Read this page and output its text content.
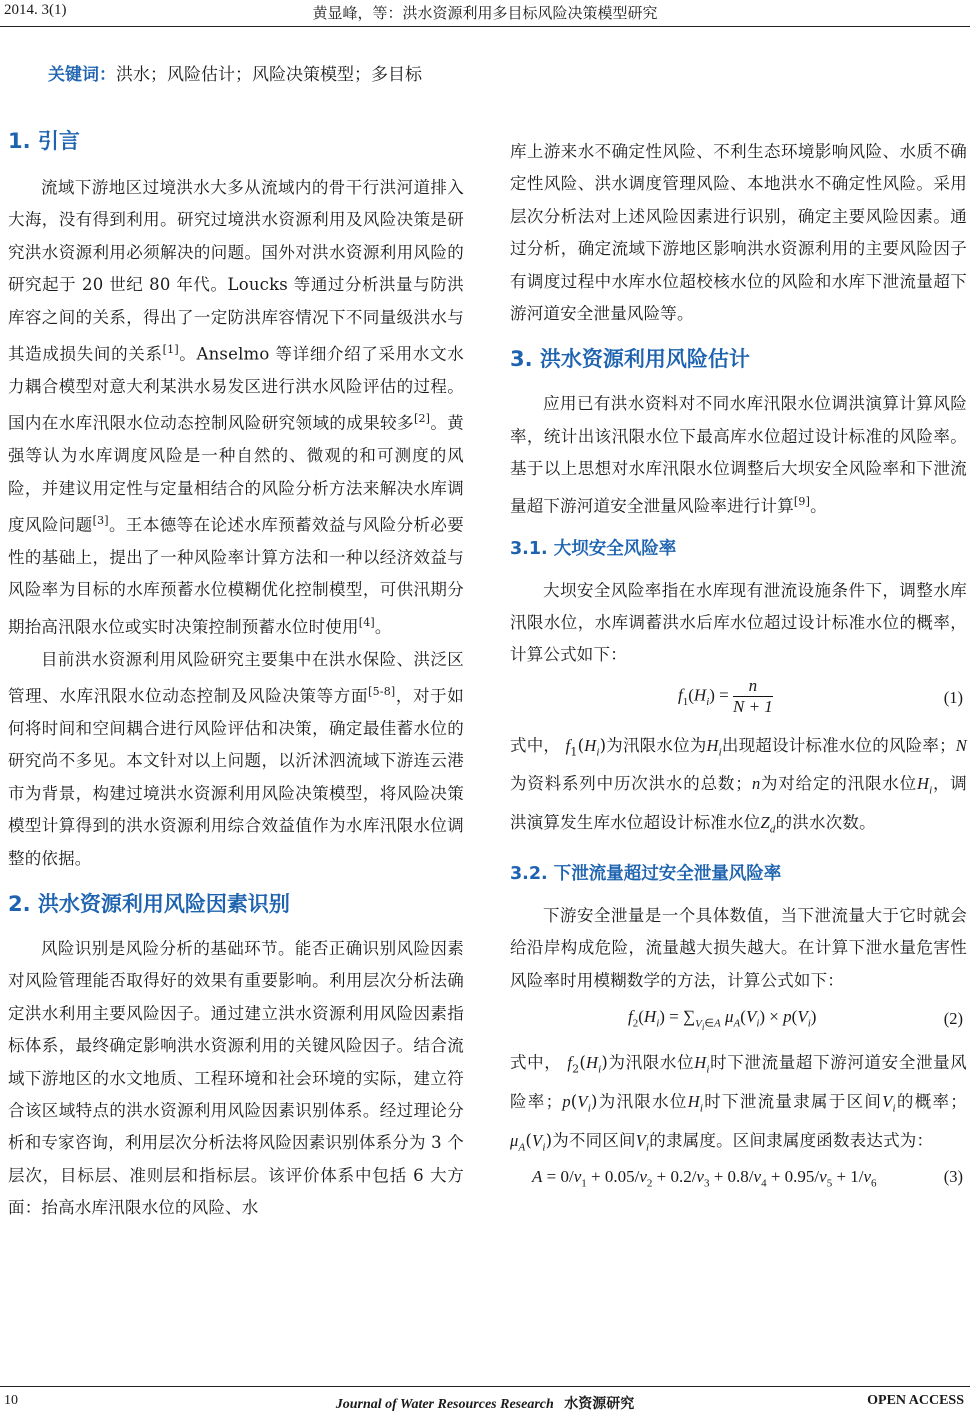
2014. 3(1)	黄显峰，等：洪水资源利用多目标风险决策模型研究
关键词：洪水；风险估计；风险决策模型；多目标
1. 引言

流域下游地区过境洪水大多从流域内的骨干行洪河道排入大海，没有得到利用。研究过境洪水资源利用及风险决策是研究洪水资源利用必须解决的问题。国外对洪水资源利用风险的研究起于 20 世纪 80 年代。Loucks 等通过分析洪量与防洪库容之间的关系，得出了一定防洪库容情况下不同量级洪水与其造成损失间的关系[1]。Anselmo 等详细介绍了采用水文水力耦合模型对意大利某洪水易发区进行洪水风险评估的过程。国内在水库汛限水位动态控制风险研究领域的成果较多[2]。黄强等认为水库调度风险是一种自然的、微观的和可测度的风险，并建议用定性与定量相结合的风险分析方法来解决水库调度风险问题[3]。王本德等在论述水库预蓄效益与风险分析必要性的基础上，提出了一种风险率计算方法和一种以经济效益与风险率为目标的水库预蓄水位模糊优化控制模型，可供汛期分期抬高汛限水位或实时决策控制预蓄水位时使用[4]。

目前洪水资源利用风险研究主要集中在洪水保险、洪泛区管理、水库汛限水位动态控制及风险决策等方面[5-8]，对于如何将时间和空间耦合进行风险评估和决策，确定最佳蓄水位的研究尚不多见。本文针对以上问题，以沂沭泗流域下游连云港市为背景，构建过境洪水资源利用风险决策模型，将风险决策模型计算得到的洪水资源利用综合效益值作为水库汛限水位调整的依据。

2. 洪水资源利用风险因素识别

风险识别是风险分析的基础环节。能否正确识别风险因素对风险管理能否取得好的效果有重要影响。利用层次分析法确定洪水利用主要风险因子。通过建立洪水资源利用风险因素指标体系，最终确定影响洪水资源利用的关键风险因子。结合流域下游地区的水文地质、工程环境和社会环境的实际，建立符合该区域特点的洪水资源利用风险因素识别体系。经过理论分析和专家咨询，利用层次分析法将风险因素识别体系分为 3 个层次，目标层、准则层和指标层。该评价体系中包括 6 大方面：抬高水库汛限水位的风险、水

库上游来水不确定性风险、不利生态环境影响风险、水质不确定性风险、洪水调度管理风险、本地洪水不确定性风险。采用层次分析法对上述风险因素进行识别，确定主要风险因素。通过分析，确定流域下游地区影响洪水资源利用的主要风险因子有调度过程中水库水位超校核水位的风险和水库下泄流量超下游河道安全泄量风险等。

3. 洪水资源利用风险估计

应用已有洪水资料对不同水库汛限水位调洪演算计算风险率，统计出该汛限水位下最高库水位超过设计标准的风险率。基于以上思想对水库汛限水位调整后大坝安全风险率和下泄流量超下游河道安全泄量风险率进行计算[9]。

3.1. 大坝安全风险率

大坝安全风险率指在水库现有泄流设施条件下，调整水库汛限水位，水库调蓄洪水后库水位超过设计标准水位的概率，计算公式如下：

$f_1(H_i) = \frac{n}{N + 1}$	(1)

式中， $f_1(H_i)$为汛限水位为$H_i$出现超设计标准水位的风险率；N为资料系列中历次洪水的总数；n为对给定的汛限水位$H_i$，调洪演算发生库水位超设计标准水位$Z_d$的洪水次数。

3.2. 下泄流量超过安全泄量风险率

下游安全泄量是一个具体数值，当下泄流量大于它时就会给沿岸构成危险，流量越大损失越大。在计算下泄水量危害性风险率时用模糊数学的方法，计算公式如下：

$f_2(H_i) = \sum_{V_i\in A}$ $\mu_A(V_i) \times p(V_i)$	(2)

式中， $f_2(H_i)$为汛限水位$H_i$时下泄流量超下游河道安全泄量风险率；$p(V_i)$为汛限水位$H_i$时下泄流量隶属于区间$V_i$的概率；$\mu_A(V_i)$为不同区间$V_i$的隶属度。区间隶属度函数表达式为：

$A = 0/v_1 + 0.05/v_2 + 0.2/v_3 + 0.8/v_4 + 0.95/v_5 + 1/v_6$	(3)
10	Journal of Water Resources Research 水资源研究	OPEN ACCESS
